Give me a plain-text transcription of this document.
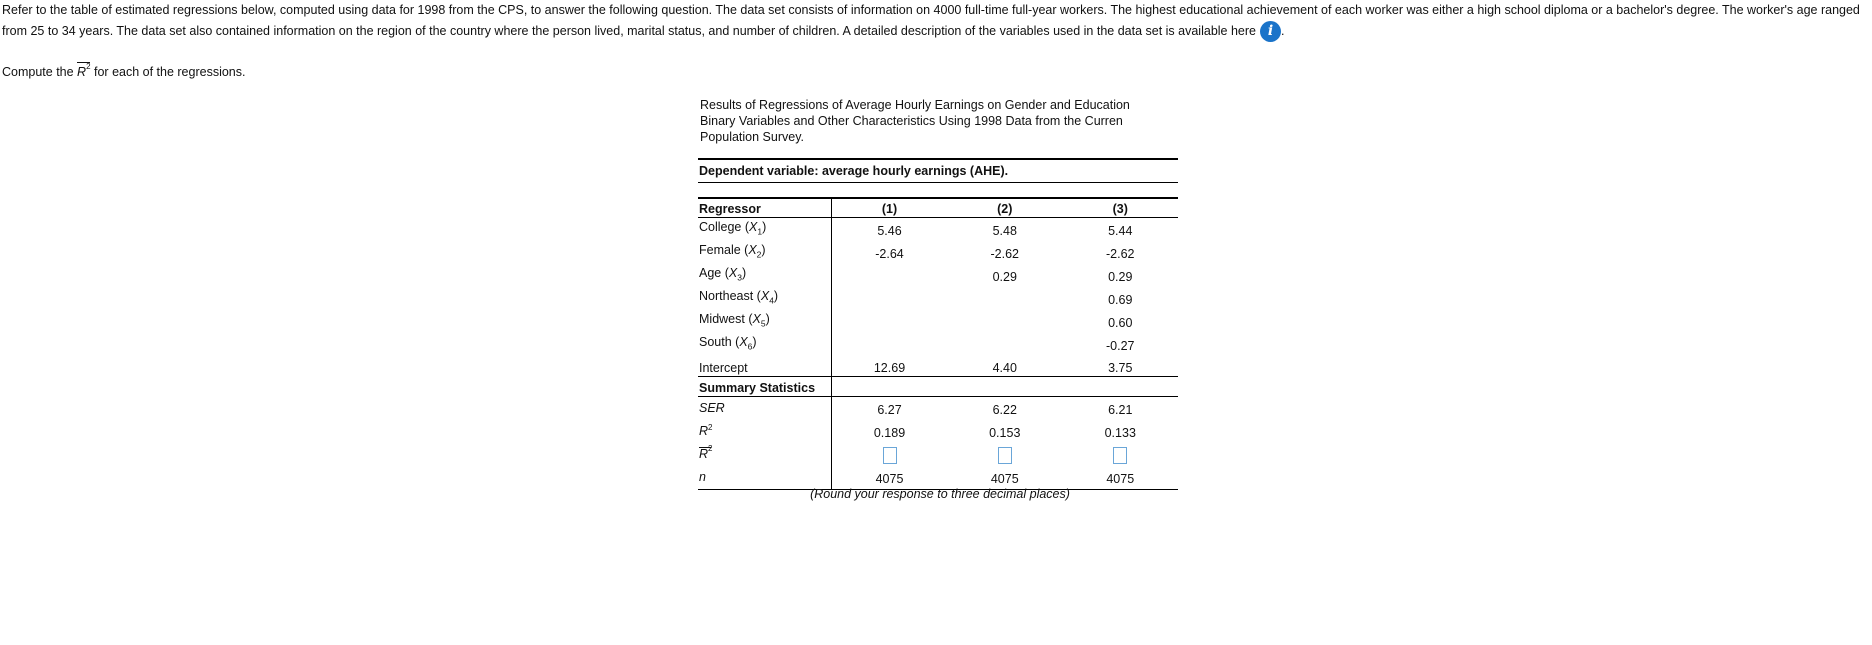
Refer to the table of estimated regressions below, computed using data for 1998 from the CPS, to answer the following question. The data set consists of information on 4000 full-time full-year workers. The highest educational achievement of each worker was either a high school diploma or a bachelor's degree. The worker's age ranged from 25 to 34 years. The data set also contained information on the region of the country where the person lived, marital status, and number of children. A detailed description of the variables used in the data set is available here i .

Compute the
$R^2$ for each of the regressions.

Results of Regressions of Average Hourly Earnings on Gender and Education Binary Variables and Other Characteristics Using 1998 Data from the Curren Population Survey.

Dependent variable: average hourly earnings (AHE).
Regressor	(1)	(2)	(3)
College $(X_1)$	5.46	5.48	5.44
Female $(X_2)$	-2.64	-2.62	-2.62
Age $(X_3)$		0.29	0.29
Northeast $(X_4)$			0.69
Midwest $(X_5)$			0.60
South $(X_6)$			-0.27
Intercept	12.69	4.40	3.75
Summary Statistics			
SER	6.27	6.22	6.21
$R^2$	0.189	0.153	0.133

$R^2$			
n	4075	4075	4075
(Round your response to three decimal places)
